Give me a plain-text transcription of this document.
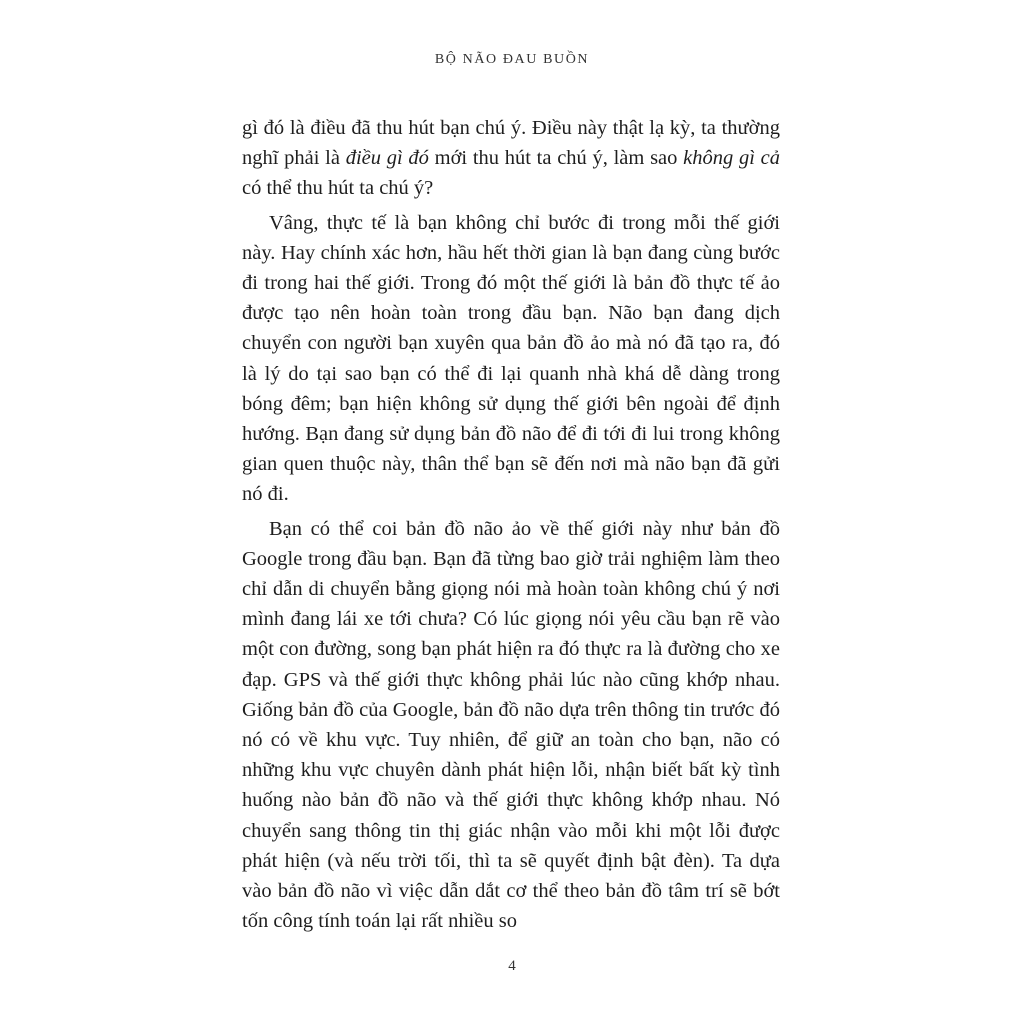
BỘ NÃO ĐAU BUỒN

gì đó là điều đã thu hút bạn chú ý. Điều này thật lạ kỳ, ta thường nghĩ phải là điều gì đó mới thu hút ta chú ý, làm sao không gì cả có thể thu hút ta chú ý?

Vâng, thực tế là bạn không chỉ bước đi trong mỗi thế giới này. Hay chính xác hơn, hầu hết thời gian là bạn đang cùng bước đi trong hai thế giới. Trong đó một thế giới là bản đồ thực tế ảo được tạo nên hoàn toàn trong đầu bạn. Não bạn đang dịch chuyển con người bạn xuyên qua bản đồ ảo mà nó đã tạo ra, đó là lý do tại sao bạn có thể đi lại quanh nhà khá dễ dàng trong bóng đêm; bạn hiện không sử dụng thế giới bên ngoài để định hướng. Bạn đang sử dụng bản đồ não để đi tới đi lui trong không gian quen thuộc này, thân thể bạn sẽ đến nơi mà não bạn đã gửi nó đi.

Bạn có thể coi bản đồ não ảo về thế giới này như bản đồ Google trong đầu bạn. Bạn đã từng bao giờ trải nghiệm làm theo chỉ dẫn di chuyển bằng giọng nói mà hoàn toàn không chú ý nơi mình đang lái xe tới chưa? Có lúc giọng nói yêu cầu bạn rẽ vào một con đường, song bạn phát hiện ra đó thực ra là đường cho xe đạp. GPS và thế giới thực không phải lúc nào cũng khớp nhau. Giống bản đồ của Google, bản đồ não dựa trên thông tin trước đó nó có về khu vực. Tuy nhiên, để giữ an toàn cho bạn, não có những khu vực chuyên dành phát hiện lỗi, nhận biết bất kỳ tình huống nào bản đồ não và thế giới thực không khớp nhau. Nó chuyển sang thông tin thị giác nhận vào mỗi khi một lỗi được phát hiện (và nếu trời tối, thì ta sẽ quyết định bật đèn). Ta dựa vào bản đồ não vì việc dẫn dắt cơ thể theo bản đồ tâm trí sẽ bớt tốn công tính toán lại rất nhiều so

4
